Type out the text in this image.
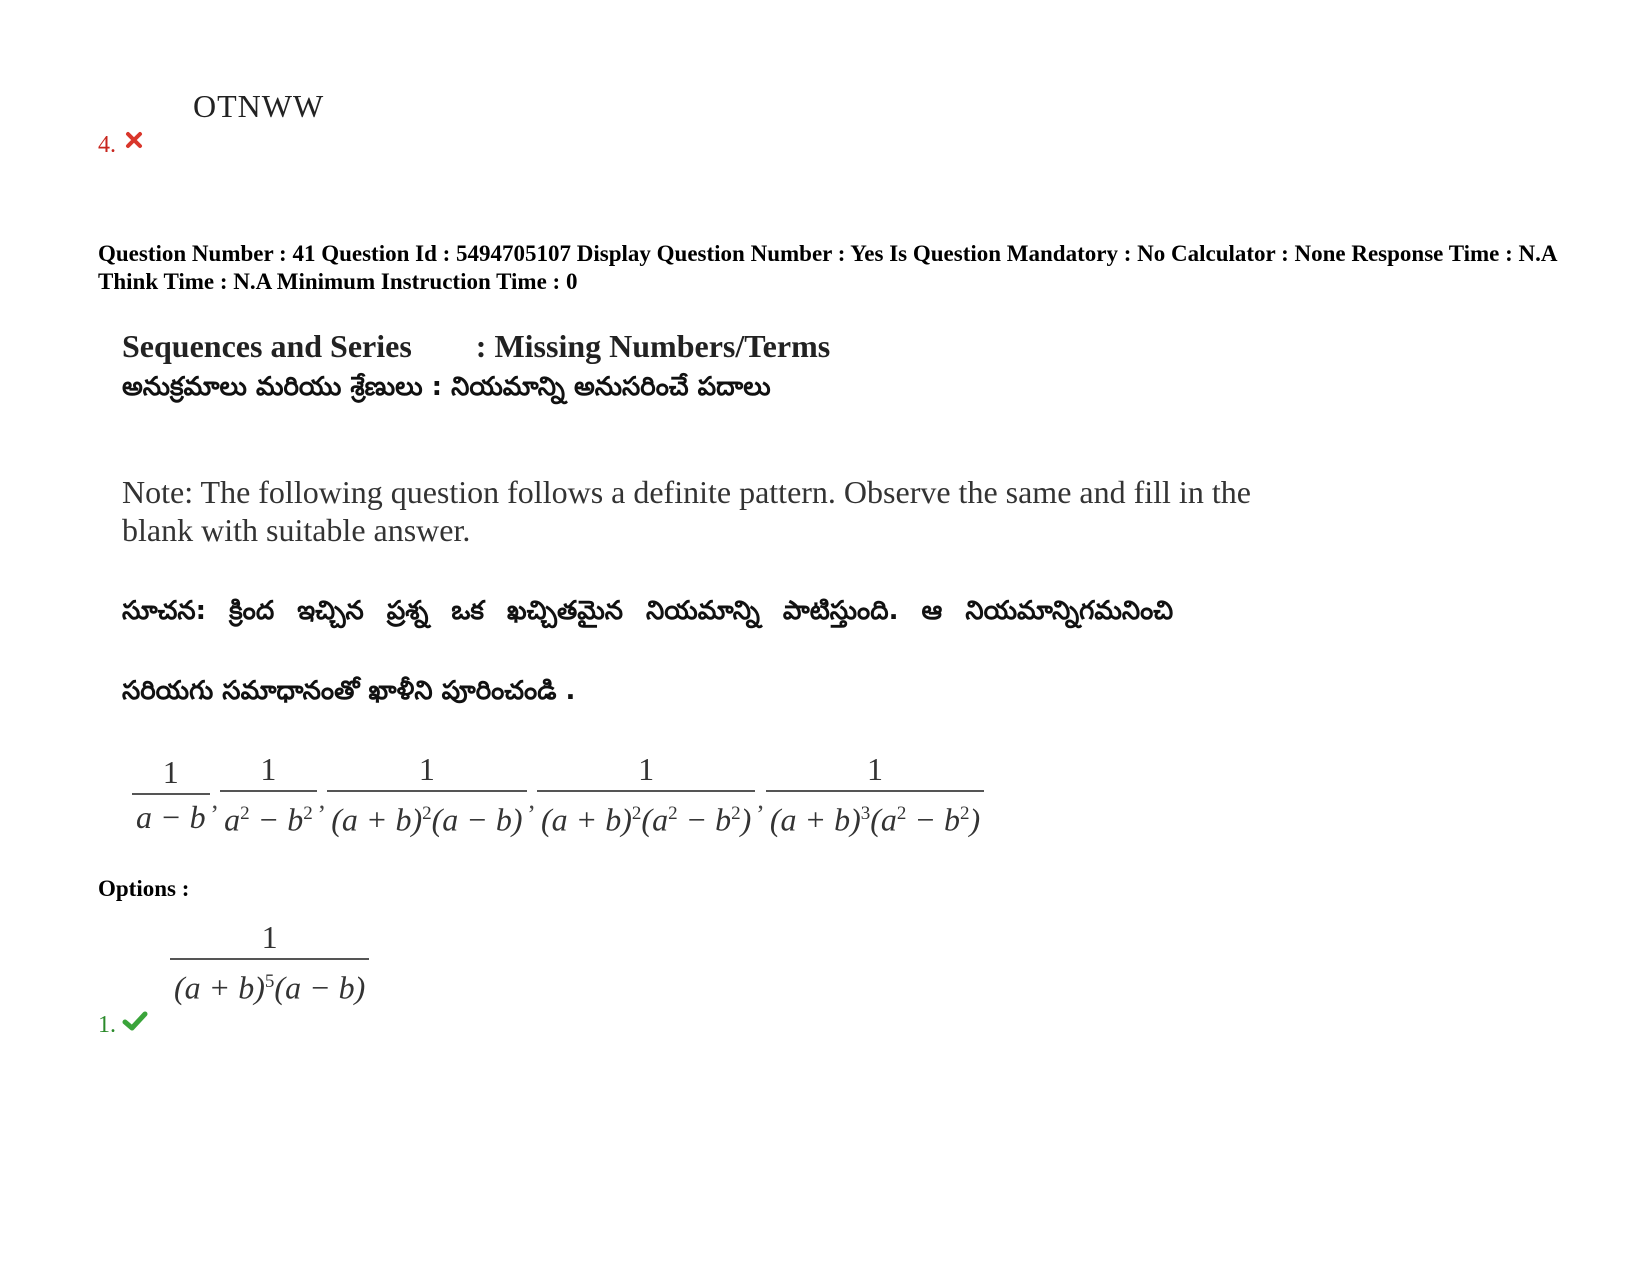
OTNWW
4.
Question Number : 41 Question Id : 5494705107 Display Question Number : Yes Is Question Mandatory : No Calculator : None Response Time : N.A Think Time : N.A Minimum Instruction Time : 0
Sequences and Series        : Missing Numbers/Terms
అనుక్రమాలు మరియు శ్రేణులు : నియమాన్ని అనుసరించే పదాలు
Note: The following question follows a definite pattern. Observe the same and fill in the blank with suitable answer.
సూచన: క్రింద ఇచ్చిన ప్రశ్న ఒక ఖచ్చితమైన నియమాన్ని పాటిస్తుంది. ఆ నియమాన్నిగమనించి
సరియగు సమాధానంతో ఖాళీని పూరించండి .
$\frac{1}{a - b}$ , $\frac{1}{a^2 - b^2}$ , $\frac{1}{(a + b)^2(a - b)}$ , $\frac{1}{(a + b)^2(a^2 - b^2)}$ , $\frac{1}{(a + b)^3(a^2 - b^2)}$
Options :
$\frac{1}{(a + b)^5(a - b)}$
1.
